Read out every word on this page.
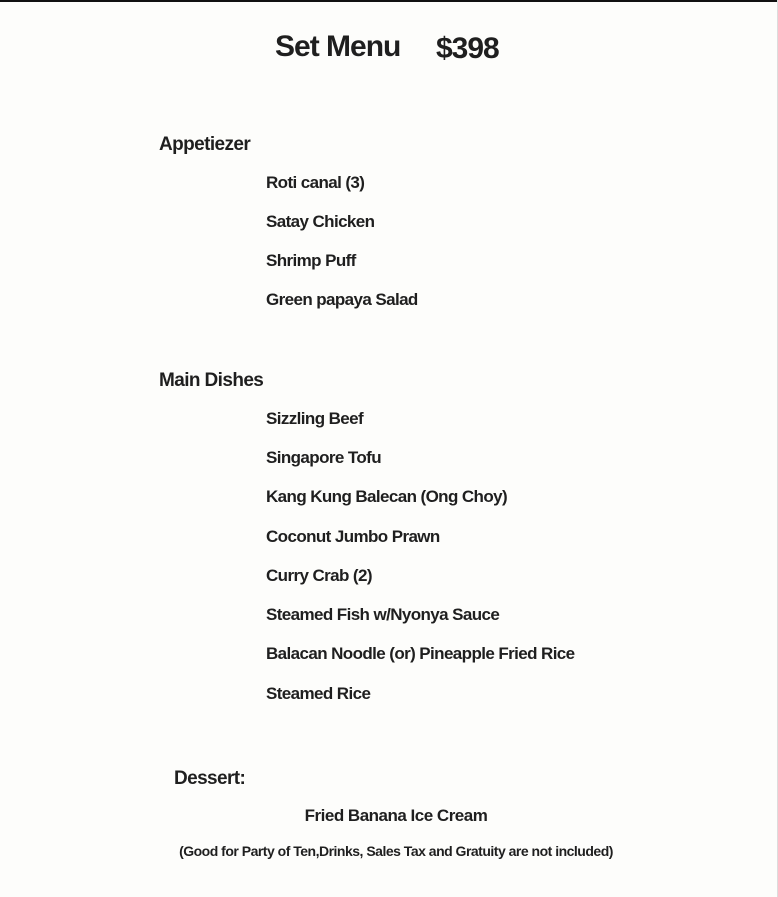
Set Menu $398
Appetiezer
Roti canal (3)
Satay Chicken
Shrimp Puff
Green papaya Salad
Main Dishes
Sizzling Beef
Singapore Tofu
Kang Kung Balecan (Ong Choy)
Coconut Jumbo Prawn
Curry Crab (2)
Steamed Fish w/Nyonya Sauce
Balacan Noodle (or) Pineapple Fried Rice
Steamed Rice
Dessert:
Fried Banana Ice Cream
(Good for Party of Ten,Drinks, Sales Tax and Gratuity are not included)
